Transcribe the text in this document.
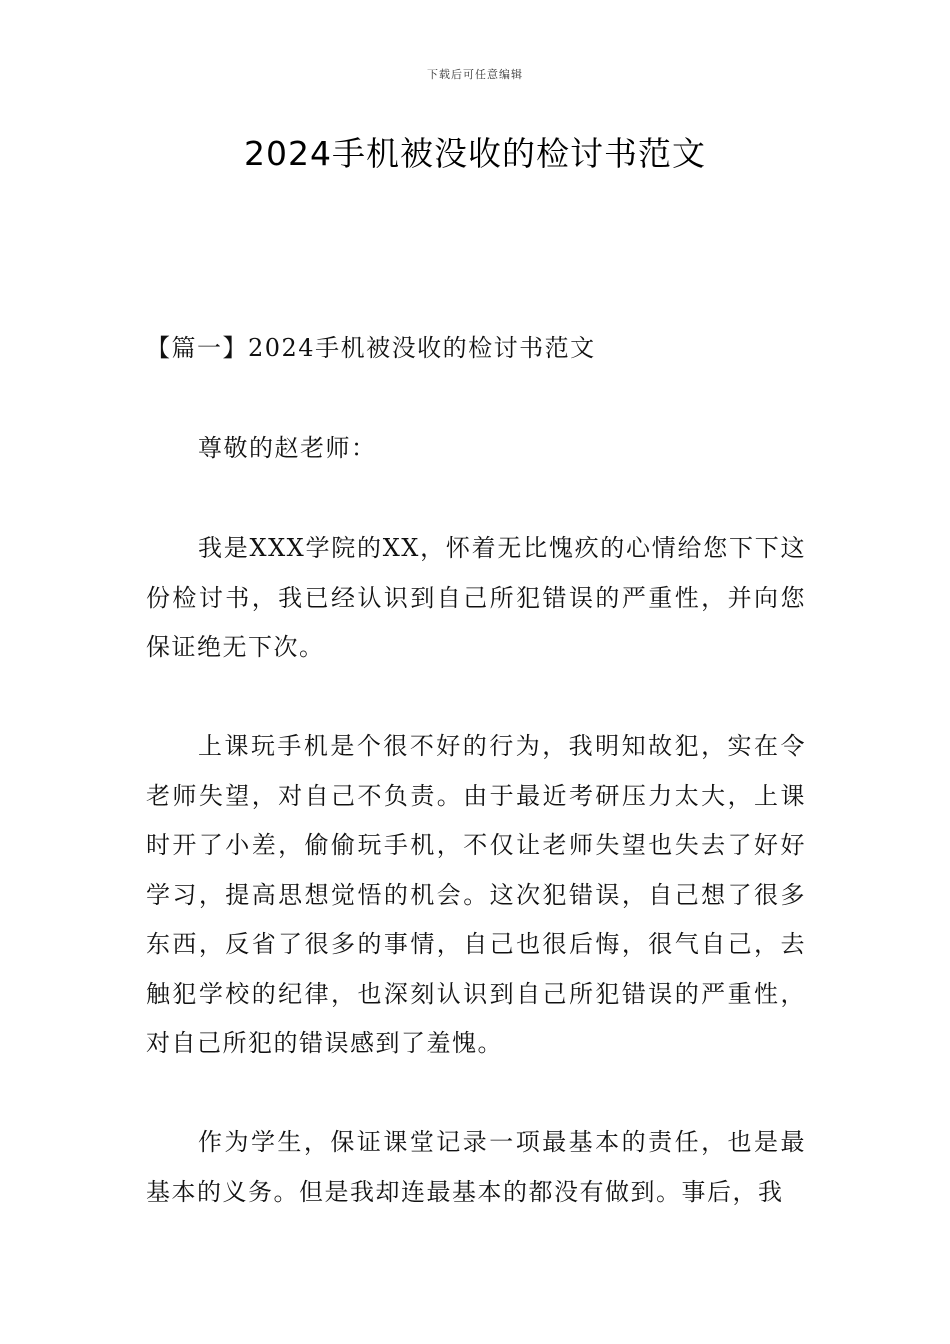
下载后可任意编辑
2024手机被没收的检讨书范文

【篇一】2024手机被没收的检讨书范文

尊敬的赵老师：

我是XXX学院的XX，怀着无比愧疚的心情给您下下这份检讨书，我已经认识到自己所犯错误的严重性，并向您保证绝无下次。

上课玩手机是个很不好的行为，我明知故犯，实在令老师失望，对自己不负责。由于最近考研压力太大，上课时开了小差，偷偷玩手机，不仅让老师失望也失去了好好学习，提高思想觉悟的机会。这次犯错误，自己想了很多东西，反省了很多的事情，自己也很后悔，很气自己，去触犯学校的纪律，也深刻认识到自己所犯错误的严重性，对自己所犯的错误感到了羞愧。

作为学生，保证课堂记录一项最基本的责任，也是最基本的义务。但是我却连最基本的都没有做到。事后，我
